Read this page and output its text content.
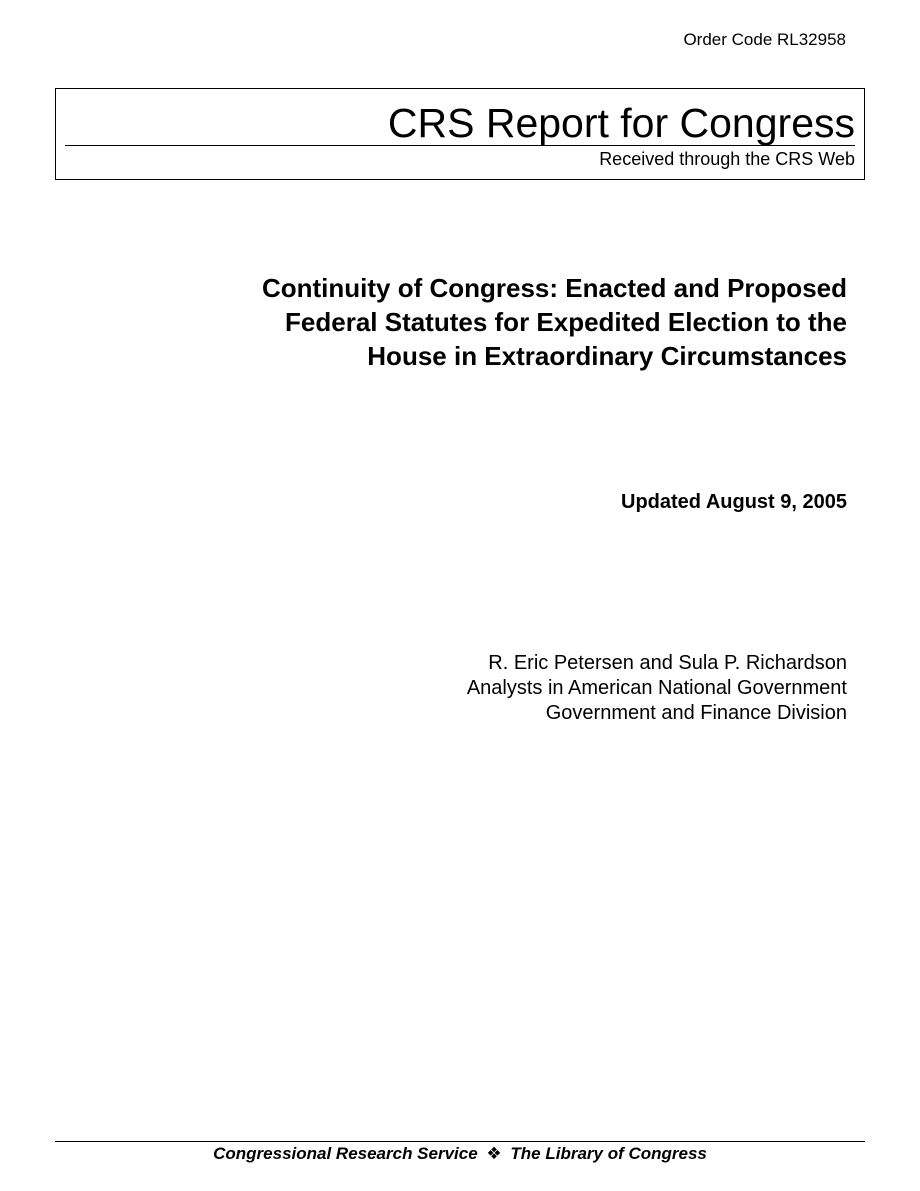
Order Code RL32958
CRS Report for Congress
Received through the CRS Web
Continuity of Congress: Enacted and Proposed
Federal Statutes for Expedited Election to the
House in Extraordinary Circumstances
Updated August 9, 2005
R. Eric Petersen and Sula P. Richardson
Analysts in American National Government
Government and Finance Division
Congressional Research Service ❖ The Library of Congress
